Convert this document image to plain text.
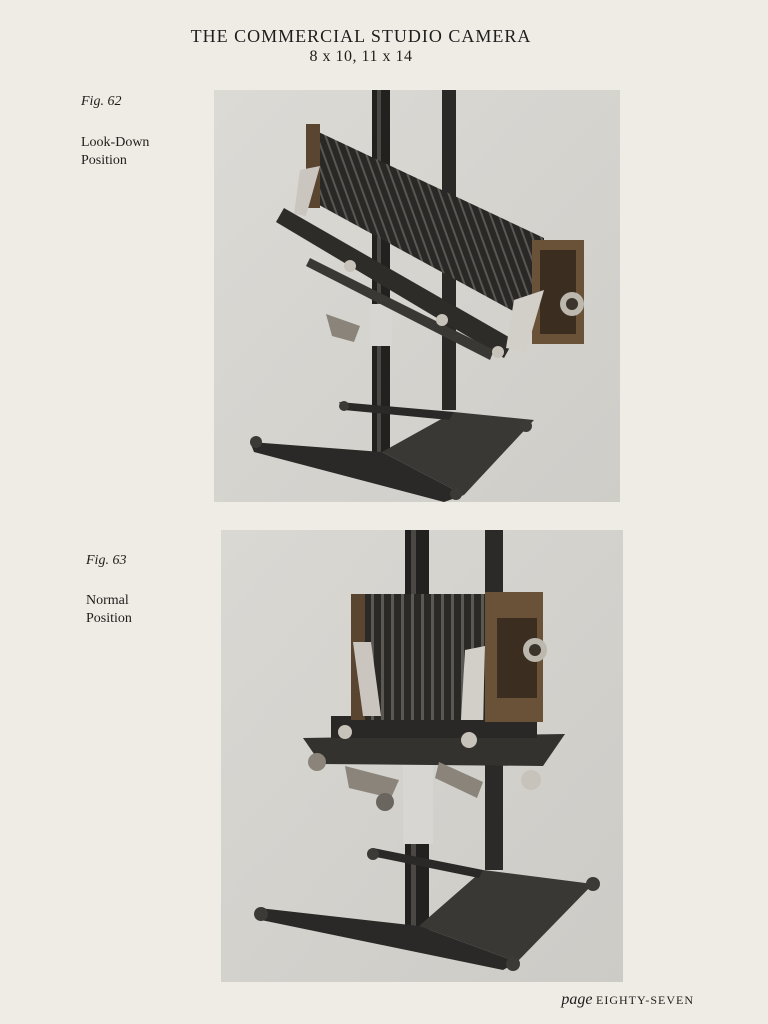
THE COMMERCIAL STUDIO CAMERA
8 x 10, 11 x 14
Fig. 62
Look-Down
Position
Fig. 63
Normal
Position
page EIGHTY-SEVEN
